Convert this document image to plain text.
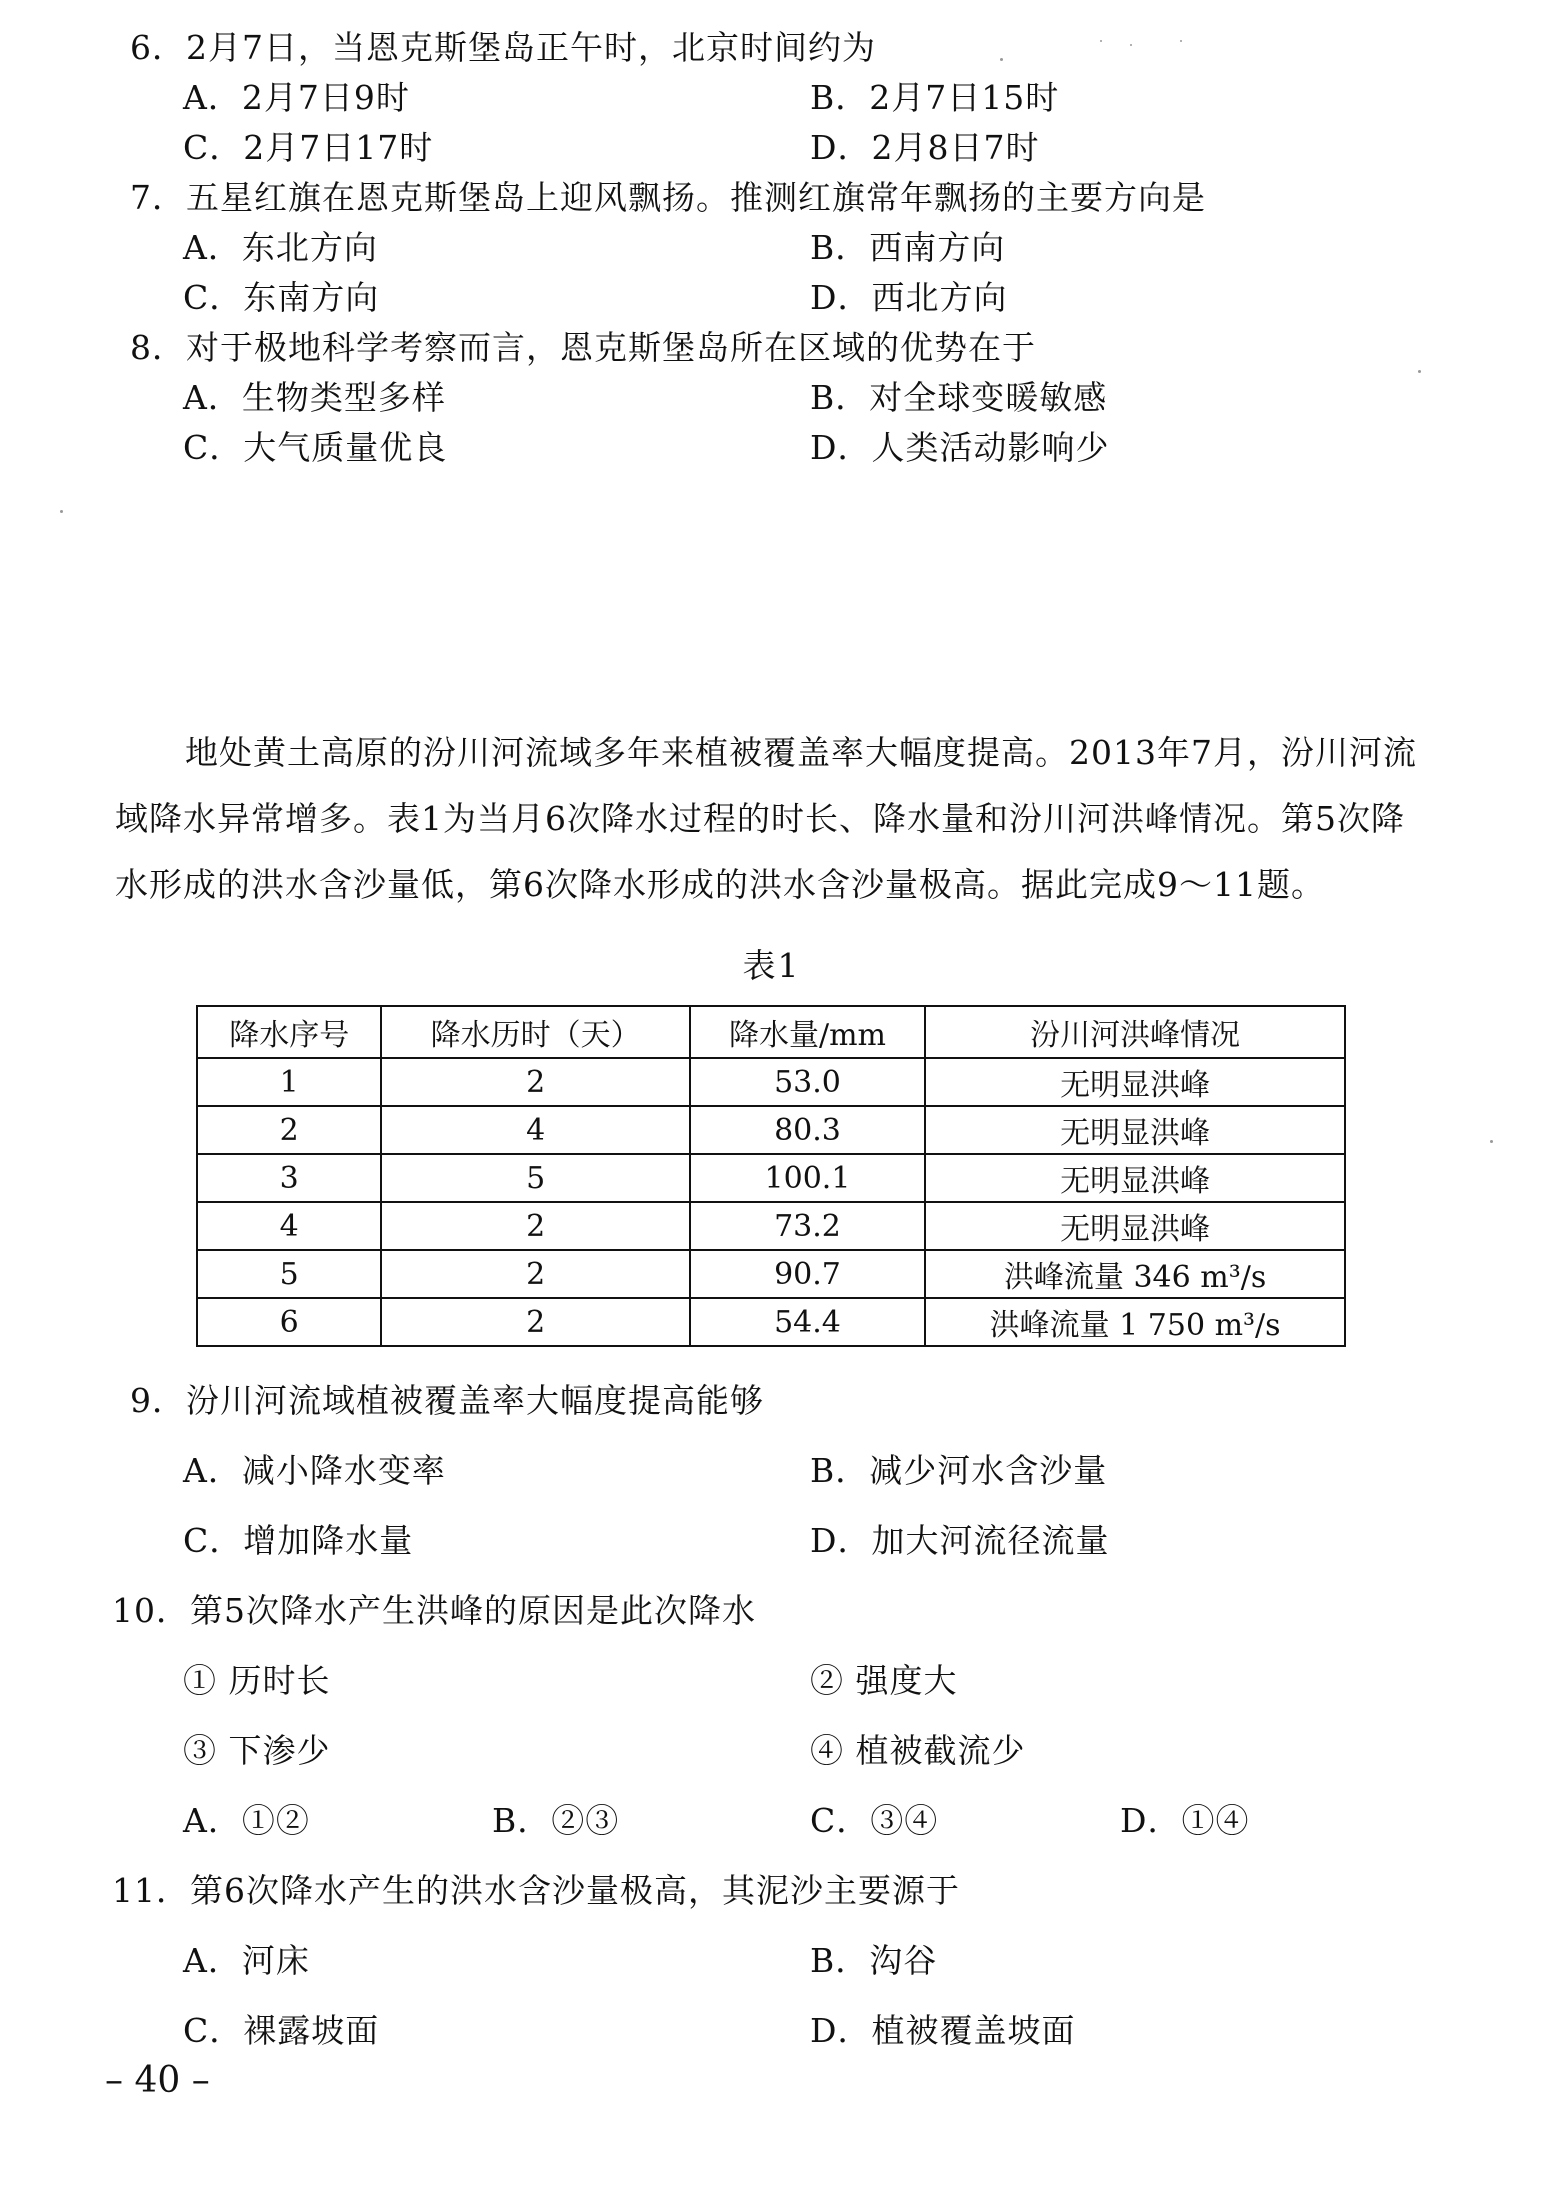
6．2月7日，当恩克斯堡岛正午时，北京时间约为
A．2月7日9时	B．2月7日15时
C．2月7日17时	D．2月8日7时
7．五星红旗在恩克斯堡岛上迎风飘扬。推测红旗常年飘扬的主要方向是
A．东北方向	B．西南方向
C．东南方向	D．西北方向
8．对于极地科学考察而言，恩克斯堡岛所在区域的优势在于
A．生物类型多样	B．对全球变暖敏感
C．大气质量优良	D．人类活动影响少

地处黄土高原的汾川河流域多年来植被覆盖率大幅度提高。2013年7月，汾川河流域降水异常增多。表1为当月6次降水过程的时长、降水量和汾川河洪峰情况。第5次降水形成的洪水含沙量低，第6次降水形成的洪水含沙量极高。据此完成9～11题。

表1
降水序号	降水历时（天）	降水量/mm	汾川河洪峰情况
1	2	53.0	无明显洪峰
2	4	80.3	无明显洪峰
3	5	100.1	无明显洪峰
4	2	73.2	无明显洪峰
5	2	90.7	洪峰流量 346 m³/s
6	2	54.4	洪峰流量 1 750 m³/s
9．汾川河流域植被覆盖率大幅度提高能够
A．减小降水变率	B．减少河水含沙量
C．增加降水量	D．加大河流径流量
10．第5次降水产生洪峰的原因是此次降水
① 历时长	② 强度大
③ 下渗少	④ 植被截流少
A．①②	B．②③	C．③④	D．①④
11．第6次降水产生的洪水含沙量极高，其泥沙主要源于
A．河床	B．沟谷
C．裸露坡面	D．植被覆盖坡面
– 40 –
